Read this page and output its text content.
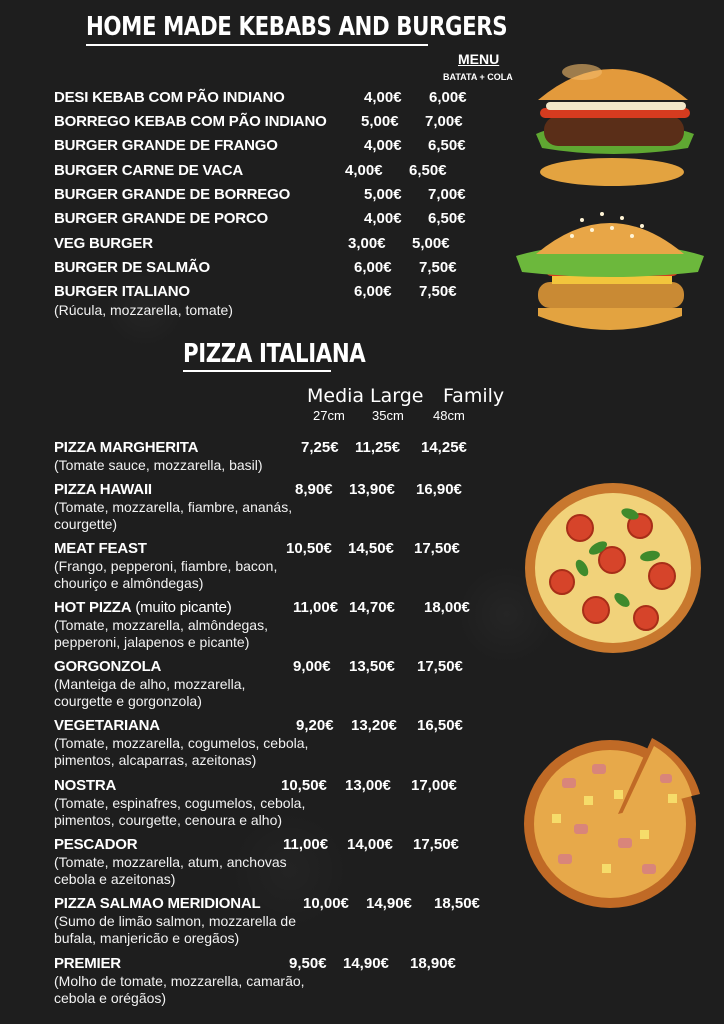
HOME MADE KEBABS AND BURGERS
MENU
BATATA + COLA
DESI KEBAB COM PÃO INDIANO	4,00€ 6,00€
BORREGO KEBAB COM PÃO INDIANO 5,00€ 7,00€
BURGER GRANDE DE FRANGO	4,00€ 6,50€
BURGER CARNE DE VACA	4,00€ 6,50€
BURGER GRANDE DE BORREGO	5,00€ 7,00€
BURGER GRANDE DE PORCO	4,00€ 6,50€
VEG BURGER	3,00€ 5,00€
BURGER DE SALMÃO	6,00€ 7,50€
BURGER ITALIANO	6,00€ 7,50€
(Rúcula, mozzarella, tomate)
PIZZA ITALIANA
Media Large Family
27cm 35cm 48cm
PIZZA MARGHERITA	7,25€ 11,25€ 14,25€
(Tomate sauce, mozzarella, basil)
PIZZA HAWAII	8,90€ 13,90€ 16,90€
(Tomate, mozzarella, fiambre, ananás, courgette)
MEAT FEAST	10,50€ 14,50€ 17,50€
(Frango, pepperoni, fiambre, bacon, chouriço e almôndegas)
HOT PIZZA (muito picante)	11,00€ 14,70€ 18,00€
(Tomate, mozzarella, almôndegas, pepperoni, jalapenos e picante)
GORGONZOLA	9,00€ 13,50€ 17,50€
(Manteiga de alho, mozzarella, courgette e gorgonzola)
VEGETARIANA	9,20€ 13,20€ 16,50€
(Tomate, mozzarella, cogumelos, cebola, pimentos, alcaparras, azeitonas)
NOSTRA	10,50€ 13,00€ 17,00€
(Tomate, espinafres, cogumelos, cebola, pimentos, courgette, cenoura e alho)
PESCADOR	11,00€ 14,00€ 17,50€
(Tomate, mozzarella, atum, anchovas cebola e azeitonas)
PIZZA SALMAO MERIDIONAL	10,00€ 14,90€ 18,50€
(Sumo de limão salmon, mozzarella de bufala, manjericão e oregãos)
PREMIER	9,50€ 14,90€ 18,90€
(Molho de tomate, mozzarella, camarão, cebola e orégãos)
